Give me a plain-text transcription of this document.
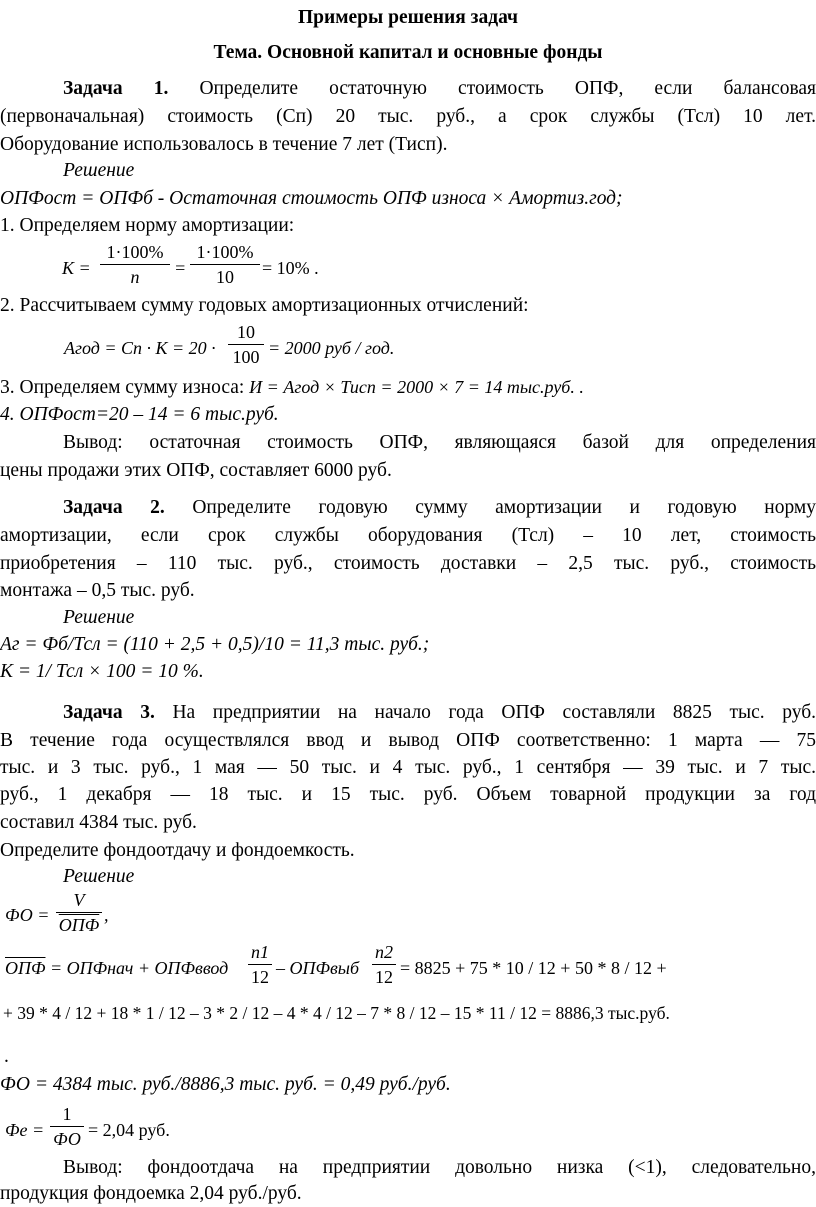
Примеры решения задач
Тема. Основной капитал и основные фонды
Задача 1. Определите остаточную стоимость ОПФ, если балансовая
(первоначальная) стоимость (Сп) 20 тыс. руб., а срок службы (Тсл) 10 лет.
Оборудование использовалось в течение 7 лет (Тисп).
Решение
ОПФост = ОПФб - Остаточная стоимость ОПФ износа × Амортиз.год;
1. Определяем норму амортизации:
К =
1·100%
n	=
1·100%
10	= 10% .
2. Рассчитываем сумму годовых амортизационных отчислений:
Агод = Сп · К = 20 ·
10
100 = 2000 руб / год.
3. Определяем сумму износа: И = Агод × Тисп = 2000 × 7 = 14 тыс.руб. .
4. ОПФост=20 – 14 = 6 тыс.руб.
Вывод: остаточная стоимость ОПФ, являющаяся базой для определения
цены продажи этих ОПФ, составляет 6000 руб.
Задача 2. Определите годовую сумму амортизации и годовую норму
амортизации, если срок службы оборудования (Тсл) – 10 лет, стоимость
приобретения – 110 тыс. руб., стоимость доставки – 2,5 тыс. руб., стоимость
монтажа – 0,5 тыс. руб.
Решение
Аг = Фб/Тсл = (110 + 2,5 + 0,5)/10 = 11,3 тыс. руб.;
К = 1/ Тсл × 100 = 10 %.
Задача 3. На предприятии на начало года ОПФ составляли 8825 тыс. руб.
В течение года осуществлялся ввод и вывод ОПФ соответственно: 1 марта — 75
тыс. и 3 тыс. руб., 1 мая — 50 тыс. и 4 тыс. руб., 1 сентября — 39 тыс. и 7 тыс.
руб., 1 декабря — 18 тыс. и 15 тыс. руб. Объем товарной продукции за год
составил 4384 тыс. руб.
Определите фондоотдачу и фондоемкость.
Решение
ФО =
V
ОПФ ,
ОПФ = ОПФнач + ОПФввод
n1
12 – ОПФвыб
n2
12 = 8825 + 75 * 10 / 12 + 50 * 8 / 12 +
+ 39 * 4 / 12 + 18 * 1 / 12 – 3 * 2 / 12 – 4 * 4 / 12 – 7 * 8 / 12 – 15 * 11 / 12 = 8886,3 тыс.руб.
.
ФО = 4384 тыс. руб./8886,3 тыс. руб. = 0,49 руб./руб.
Фе =
1
ФО = 2,04 руб.
Вывод: фондоотдача на предприятии довольно низка (<1), следовательно,
продукция фондоемка 2,04 руб./руб.
